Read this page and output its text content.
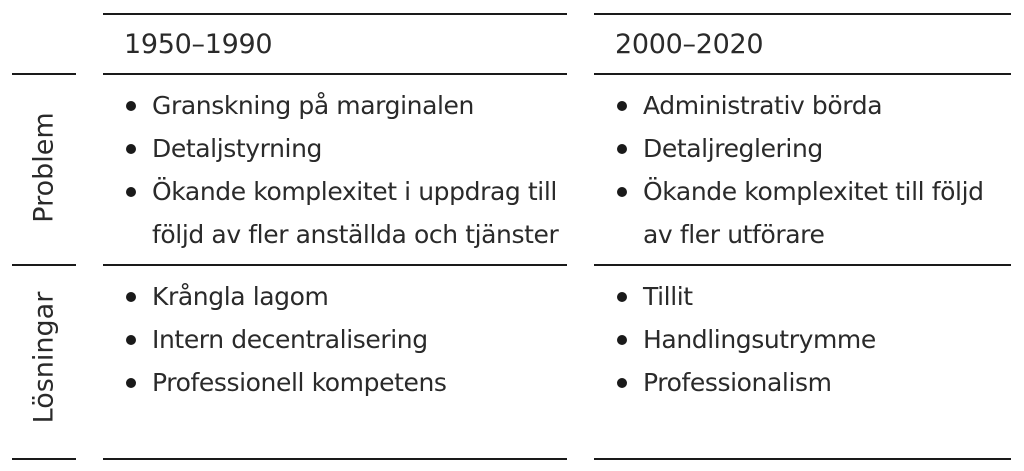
1950–1990	2000–2020
Problem
Lösningar
Granskning på marginalen
Detaljstyrning
Ökande komplexitet i uppdrag till
följd av fler anställda och tjänster
Administrativ börda
Detaljreglering
Ökande komplexitet till följd
av fler utförare
Krångla lagom
Intern decentralisering
Professionell kompetens
Tillit
Handlingsutrymme
Professionalism
